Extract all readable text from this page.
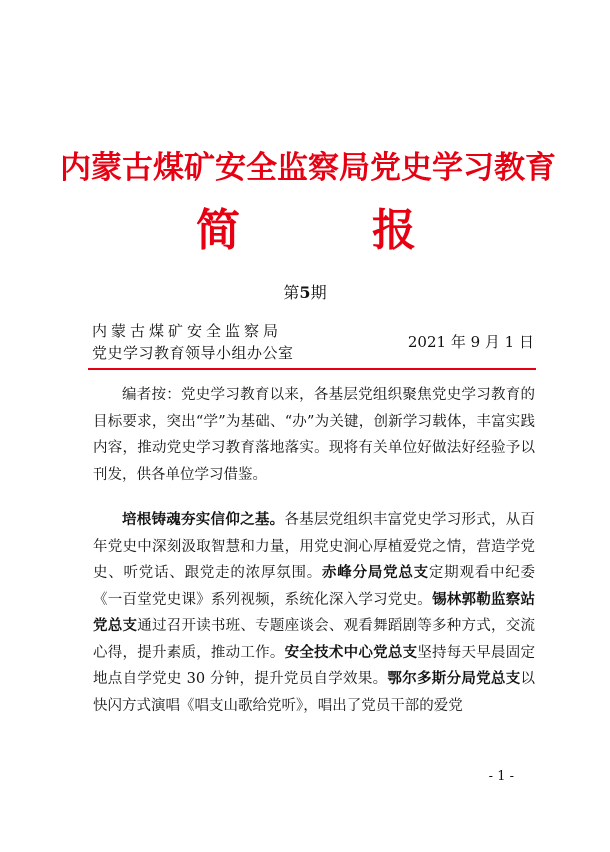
内蒙古煤矿安全监察局党史学习教育
简	报
第5期
内蒙古煤矿安全监察局
党史学习教育领导小组办公室
2021 年 9 月 1 日
编者按：党史学习教育以来，各基层党组织聚焦党史学习教育的目标要求，突出“学”为基础、“办”为关键，创新学习载体，丰富实践内容，推动党史学习教育落地落实。现将有关单位好做法好经验予以刊发，供各单位学习借鉴。
培根铸魂夯实信仰之基。各基层党组织丰富党史学习形式，从百年党史中深刻汲取智慧和力量，用党史涧心厚植爱党之情，营造学党史、听党话、跟党走的浓厚氛围。赤峰分局党总支定期观看中纪委《一百堂党史课》系列视频，系统化深入学习党史。锡林郭勒监察站党总支通过召开读书班、专题座谈会、观看舞蹈剧等多种方式，交流心得，提升素质，推动工作。安全技术中心党总支坚持每天早晨固定地点自学党史 30 分钟，提升党员自学效果。鄂尔多斯分局党总支以快闪方式演唱《唱支山歌给党听》，唱出了党员干部的爱党
- 1 -
